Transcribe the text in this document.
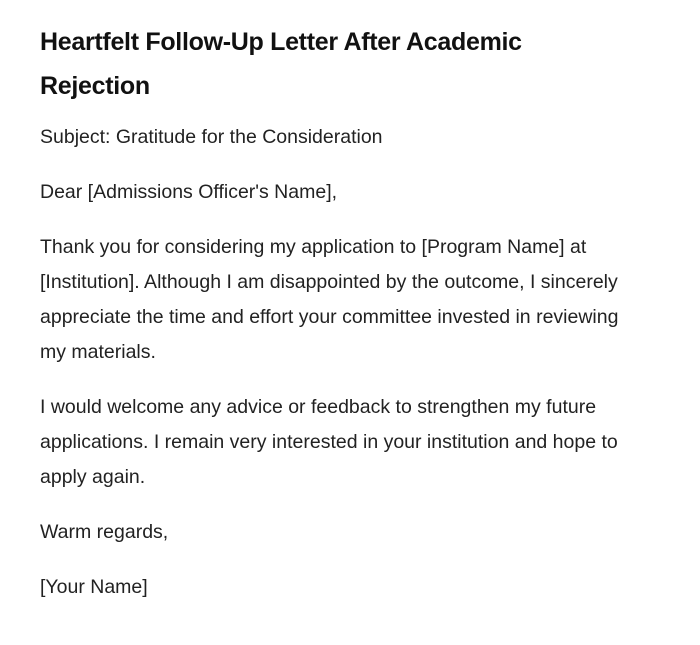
Heartfelt Follow-Up Letter After Academic Rejection

Subject: Gratitude for the Consideration

Dear [Admissions Officer's Name],

Thank you for considering my application to [Program Name] at [Institution]. Although I am disappointed by the outcome, I sincerely appreciate the time and effort your committee invested in reviewing my materials.

I would welcome any advice or feedback to strengthen my future applications. I remain very interested in your institution and hope to apply again.

Warm regards,

[Your Name]
